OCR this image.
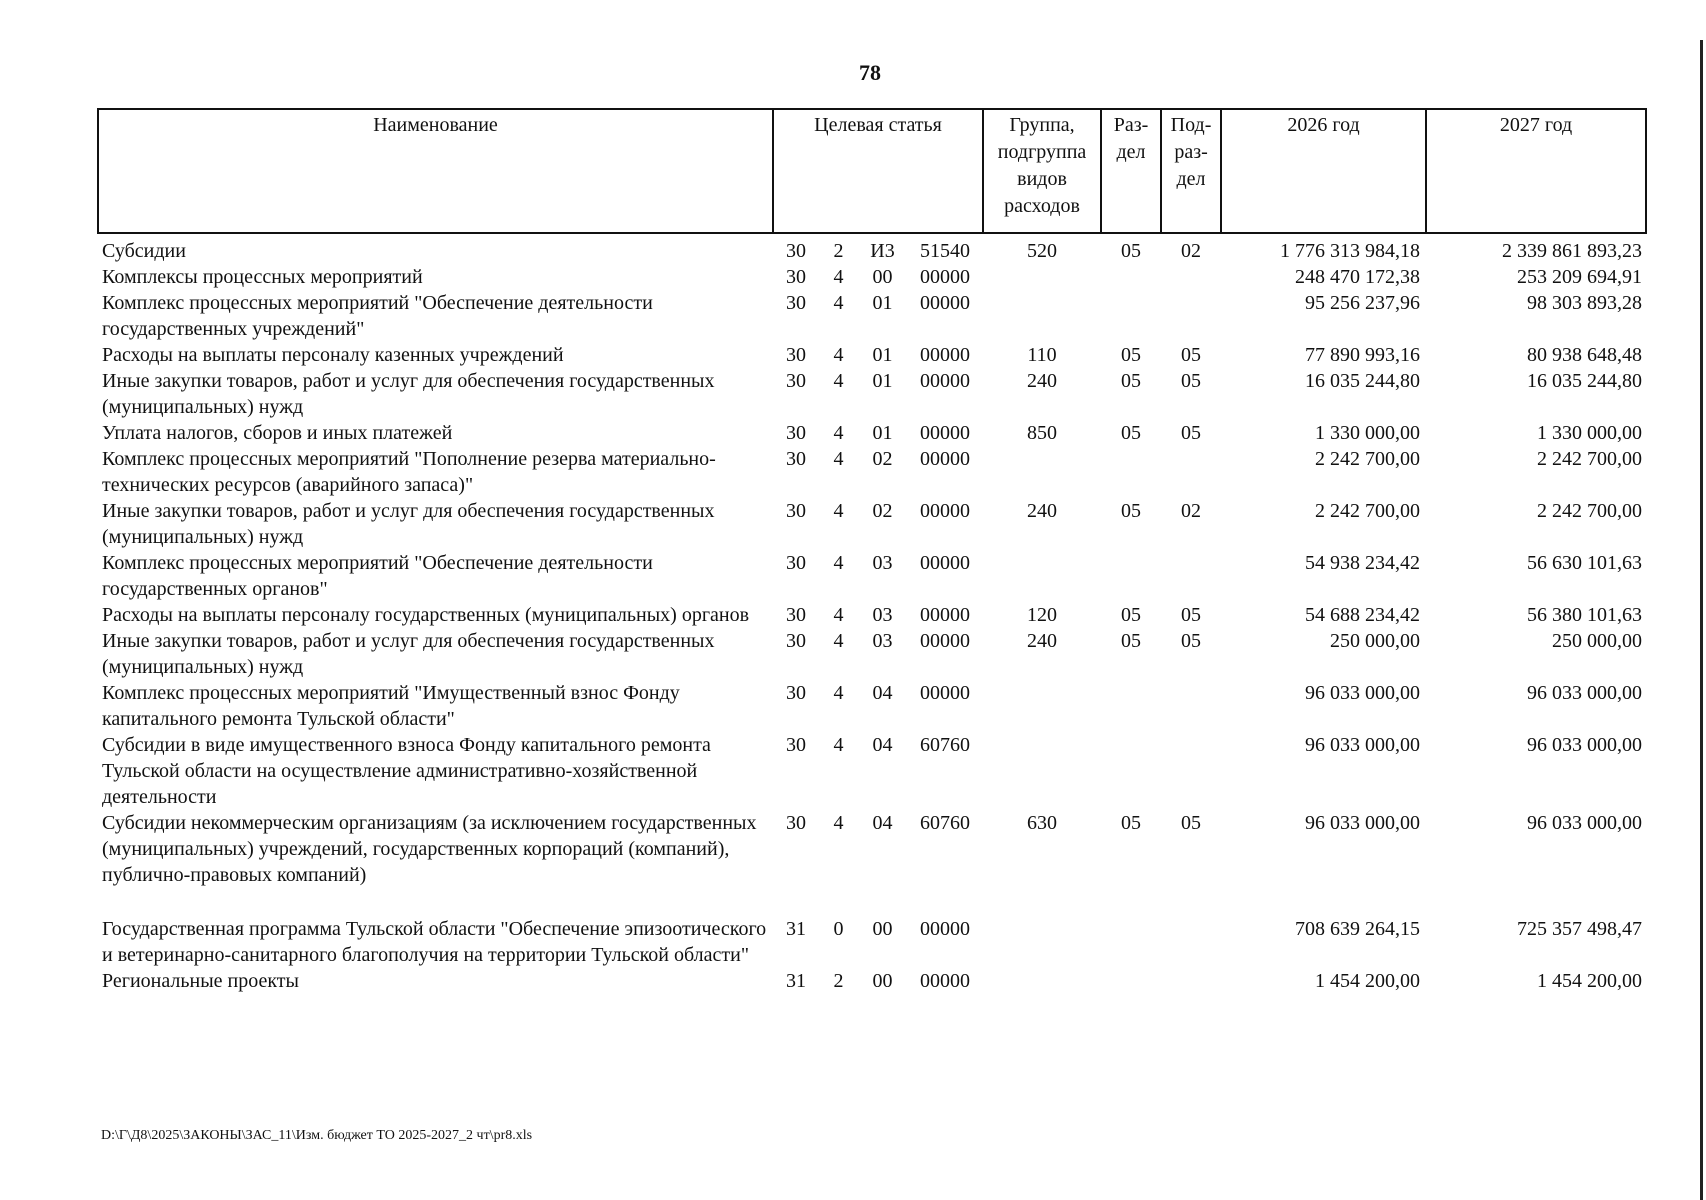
78
Наименование	Целевая статья				Группа, подгруппа видов расходов	Раз-дел	Под-раз-дел	2026 год	2027 год
Субсидии	30	2	И3	51540	520	05	02	1 776 313 984,18	2 339 861 893,23
Комплексы процессных мероприятий	30	4	00	00000				248 470 172,38	253 209 694,91
Комплекс процессных мероприятий "Обеспечение деятельности государственных учреждений"	30	4	01	00000				95 256 237,96	98 303 893,28
Расходы на выплаты персоналу казенных учреждений	30	4	01	00000	110	05	05	77 890 993,16	80 938 648,48
Иные закупки товаров, работ и услуг для обеспечения государственных (муниципальных) нужд	30	4	01	00000	240	05	05	16 035 244,80	16 035 244,80
Уплата налогов, сборов и иных платежей	30	4	01	00000	850	05	05	1 330 000,00	1 330 000,00
Комплекс процессных мероприятий "Пополнение резерва материально-технических ресурсов (аварийного запаса)"	30	4	02	00000				2 242 700,00	2 242 700,00
Иные закупки товаров, работ и услуг для обеспечения государственных (муниципальных) нужд	30	4	02	00000	240	05	02	2 242 700,00	2 242 700,00
Комплекс процессных мероприятий "Обеспечение деятельности государственных органов"	30	4	03	00000				54 938 234,42	56 630 101,63
Расходы на выплаты персоналу государственных (муниципальных) органов	30	4	03	00000	120	05	05	54 688 234,42	56 380 101,63
Иные закупки товаров, работ и услуг для обеспечения государственных (муниципальных) нужд	30	4	03	00000	240	05	05	250 000,00	250 000,00
Комплекс процессных мероприятий "Имущественный взнос Фонду капитального ремонта Тульской области"	30	4	04	00000				96 033 000,00	96 033 000,00
Субсидии в виде имущественного взноса Фонду капитального ремонта Тульской области на осуществление административно-хозяйственной деятельности	30	4	04	60760				96 033 000,00	96 033 000,00
Субсидии некоммерческим организациям (за исключением государственных (муниципальных) учреждений, государственных корпораций (компаний), публично-правовых компаний)	30	4	04	60760	630	05	05	96 033 000,00	96 033 000,00

Государственная программа Тульской области "Обеспечение эпизоотического и ветеринарно-санитарного благополучия на территории Тульской области"	31	0	00	00000				708 639 264,15	725 357 498,47
Региональные проекты	31	2	00	00000				1 454 200,00	1 454 200,00
D:\Г\Д8\2025\ЗАКОНЫ\ЗАС_11\Изм. бюджет ТО 2025-2027_2 чт\pr8.xls
